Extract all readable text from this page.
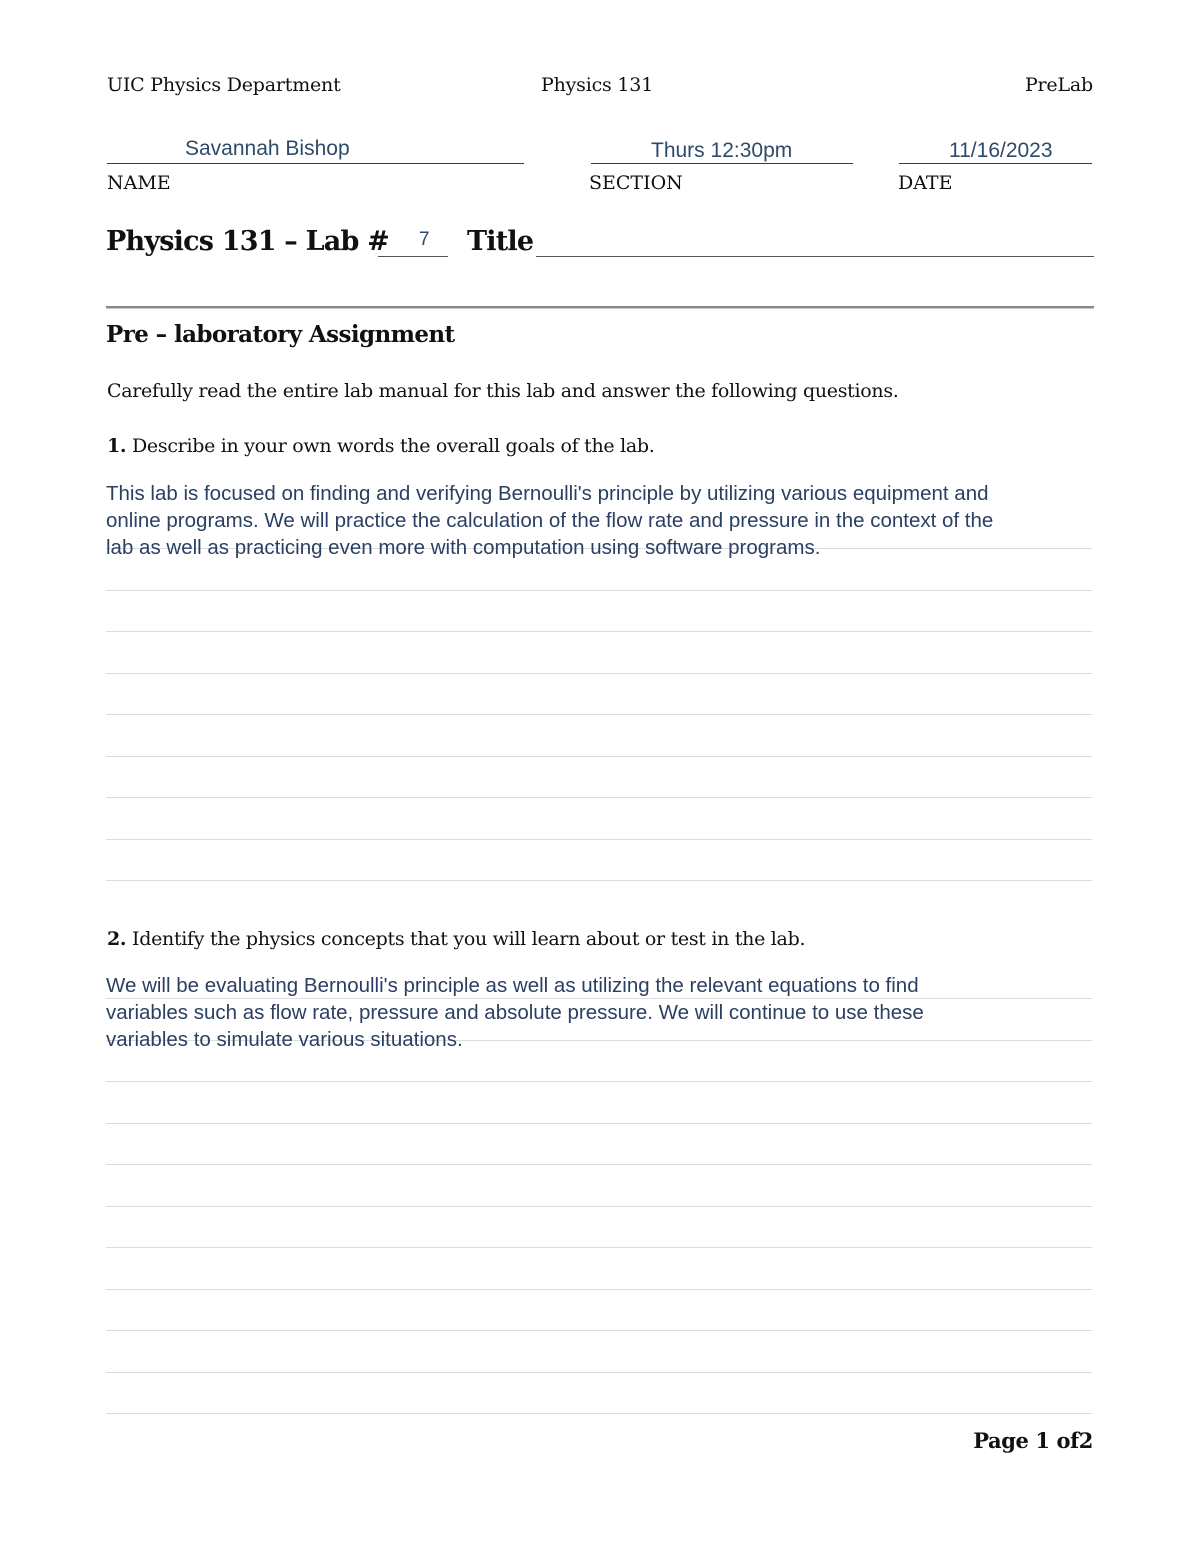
UIC Physics Department	Physics 131	PreLab
Savannah Bishop
NAME
Thurs 12:30pm
SECTION
11/16/2023
DATE
Physics 131 – Lab # 7 Title
Pre – laboratory Assignment
Carefully read the entire lab manual for this lab and answer the following questions.
1. Describe in your own words the overall goals of the lab.
This lab is focused on finding and verifying Bernoulli's principle by utilizing various equipment and
online programs. We will practice the calculation of the flow rate and pressure in the context of the
lab as well as practicing even more with computation using software programs.
2. Identify the physics concepts that you will learn about or test in the lab.
We will be evaluating Bernoulli's principle as well as utilizing the relevant equations to find
variables such as flow rate, pressure and absolute pressure. We will continue to use these
variables to simulate various situations.
Page 1 of2
